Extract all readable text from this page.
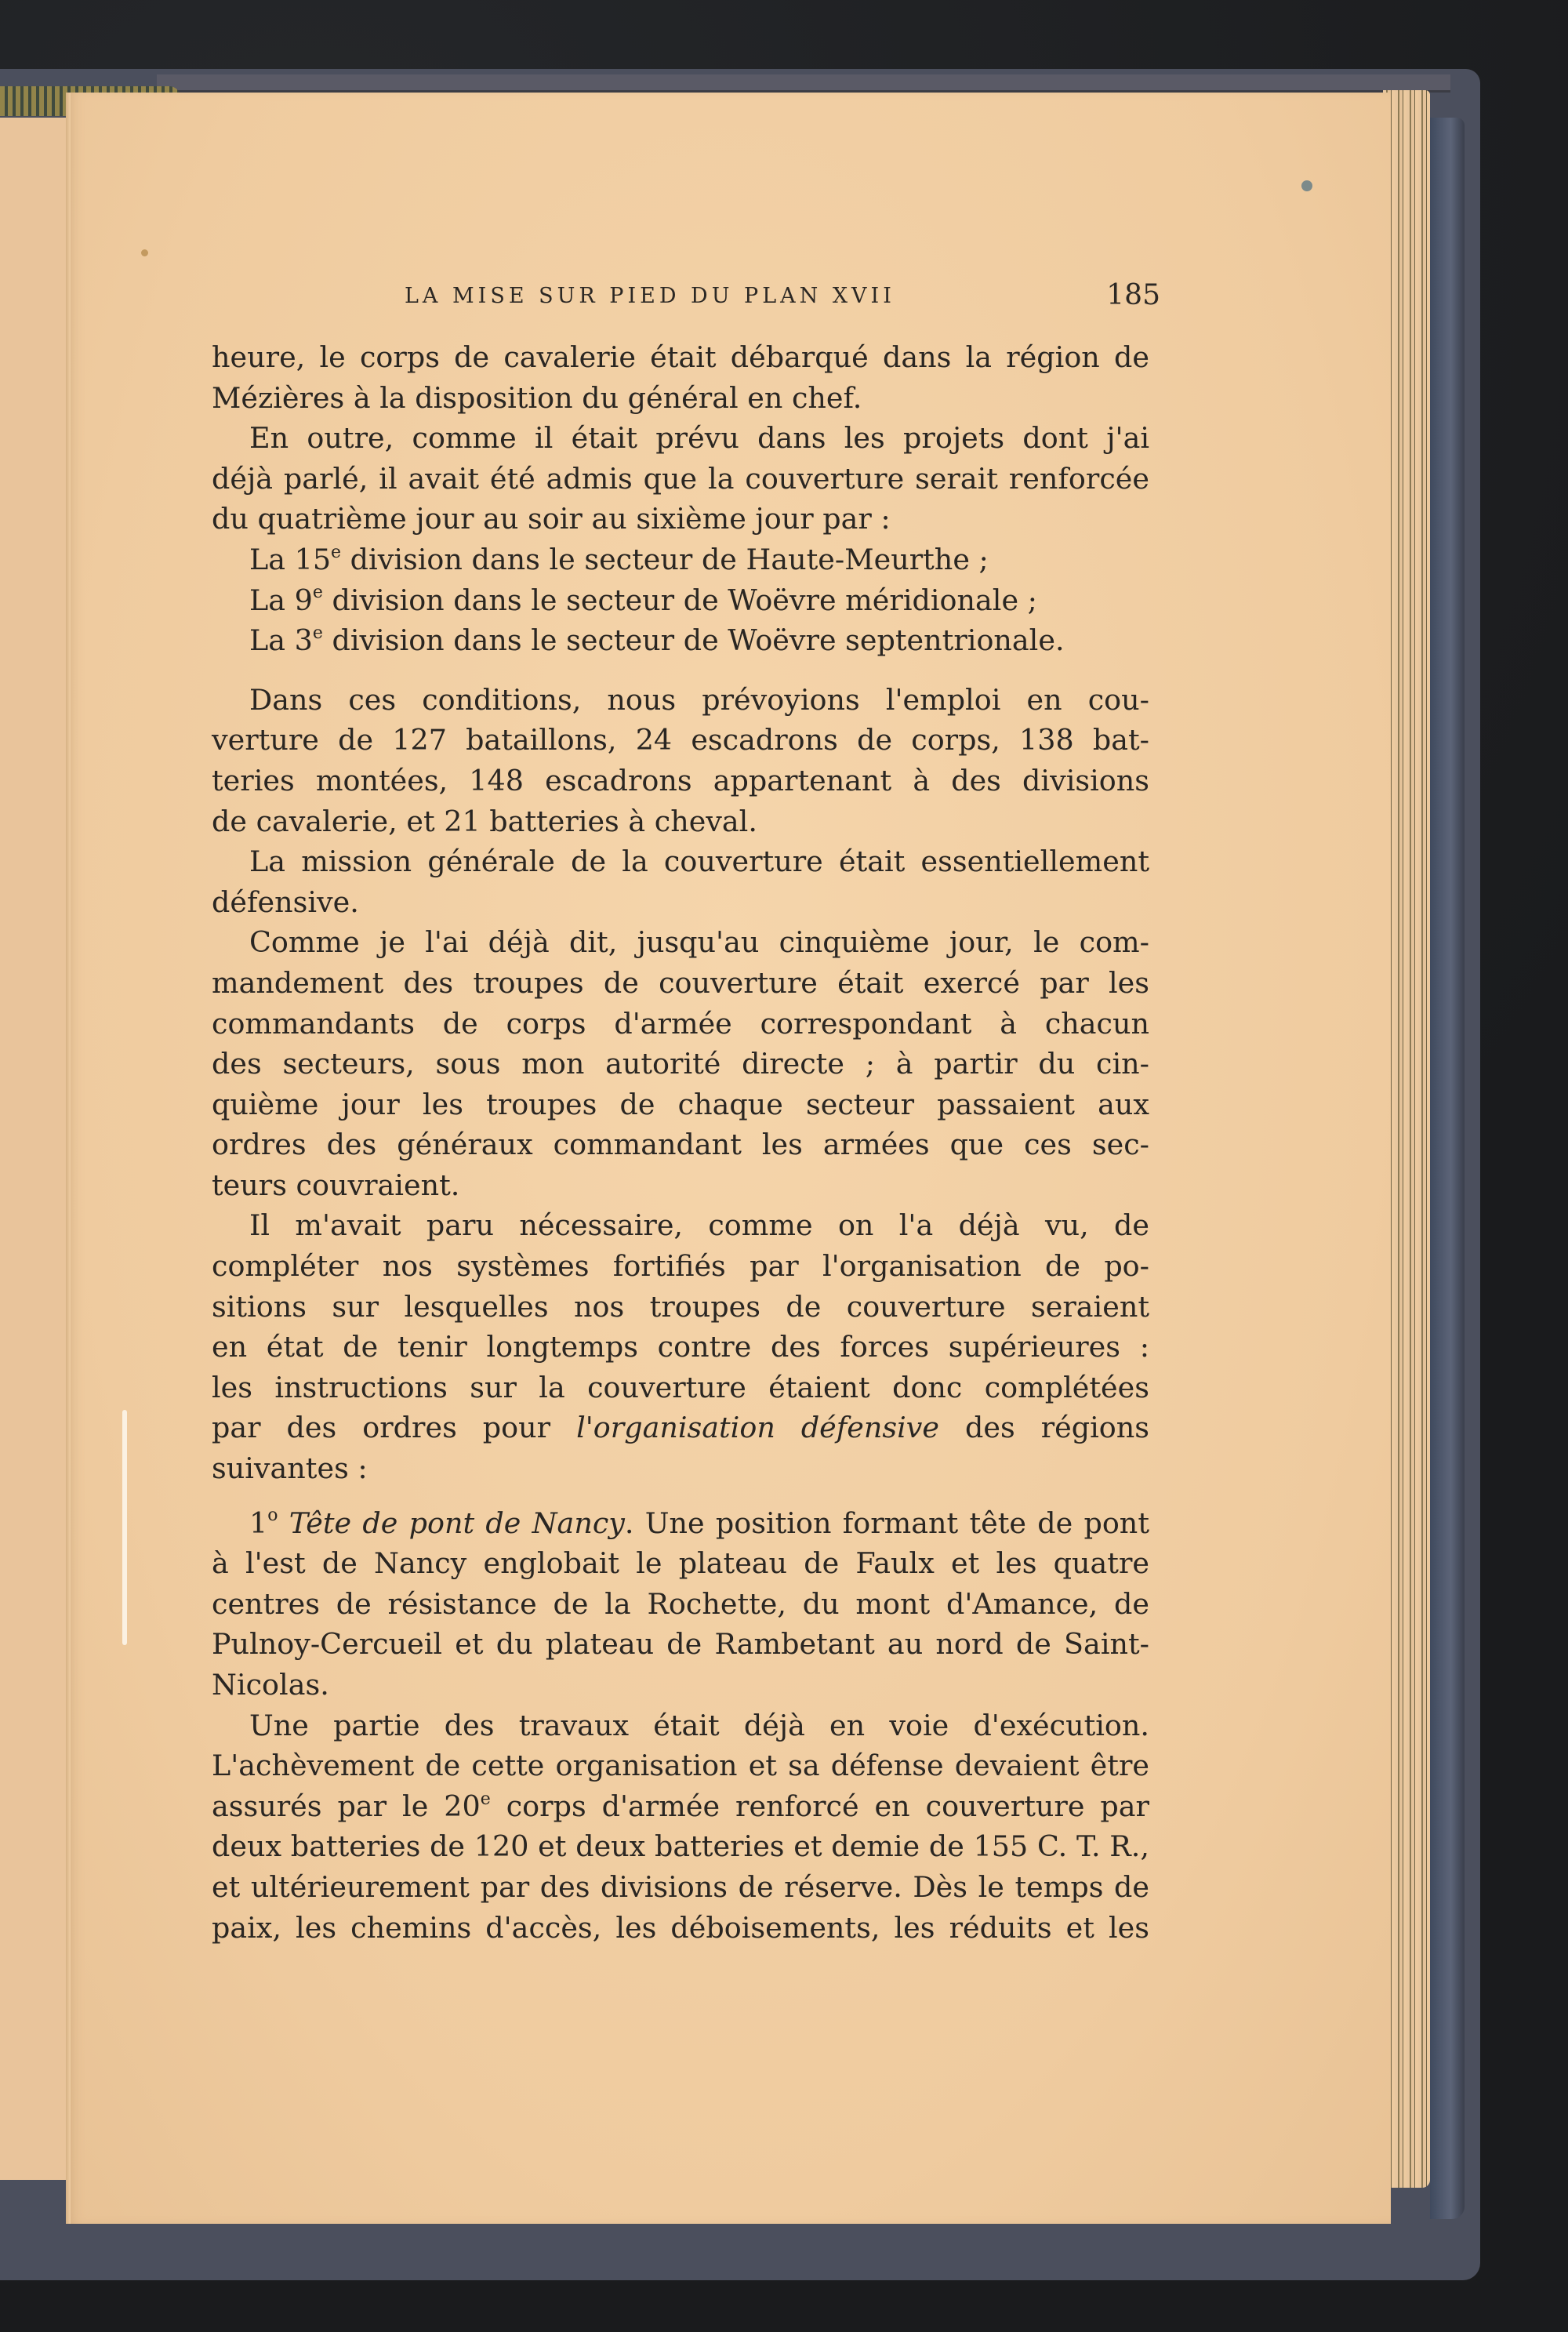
LA MISE SUR PIED DU PLAN XVII	185

heure, le corps de cavalerie était débarqué dans la région de
Mézières à la disposition du général en chef.

En outre, comme il était prévu dans les projets dont j'ai
déjà parlé, il avait été admis que la couverture serait renforcée
du quatrième jour au soir au sixième jour par :

La 15e division dans le secteur de Haute-Meurthe ;

La 9e division dans le secteur de Woëvre méridionale ;

La 3e division dans le secteur de Woëvre septentrionale.

Dans ces conditions, nous prévoyions l'emploi en cou-
verture de 127 bataillons, 24 escadrons de corps, 138 bat-
teries montées, 148 escadrons appartenant à des divisions
de cavalerie, et 21 batteries à cheval.

La mission générale de la couverture était essentiellement
défensive.

Comme je l'ai déjà dit, jusqu'au cinquième jour, le com-
mandement des troupes de couverture était exercé par les
commandants de corps d'armée correspondant à chacun
des secteurs, sous mon autorité directe ; à partir du cin-
quième jour les troupes de chaque secteur passaient aux
ordres des généraux commandant les armées que ces sec-
teurs couvraient.

Il m'avait paru nécessaire, comme on l'a déjà vu, de
compléter nos systèmes fortifiés par l'organisation de po-
sitions sur lesquelles nos troupes de couverture seraient
en état de tenir longtemps contre des forces supérieures :
les instructions sur la couverture étaient donc complétées
par des ordres pour l'organisation défensive des régions
suivantes :

1$^o$ Tête de pont de Nancy. Une position formant tête de pont
à l'est de Nancy englobait le plateau de Faulx et les quatre
centres de résistance de la Rochette, du mont d'Amance, de
Pulnoy-Cercueil et du plateau de Rambetant au nord de Saint-
Nicolas.

Une partie des travaux était déjà en voie d'exécution.
L'achèvement de cette organisation et sa défense devaient être
assurés par le 20e corps d'armée renforcé en couverture par
deux batteries de 120 et deux batteries et demie de 155 C. T. R.,
et ultérieurement par des divisions de réserve. Dès le temps de
paix, les chemins d'accès, les déboisements, les réduits et les
